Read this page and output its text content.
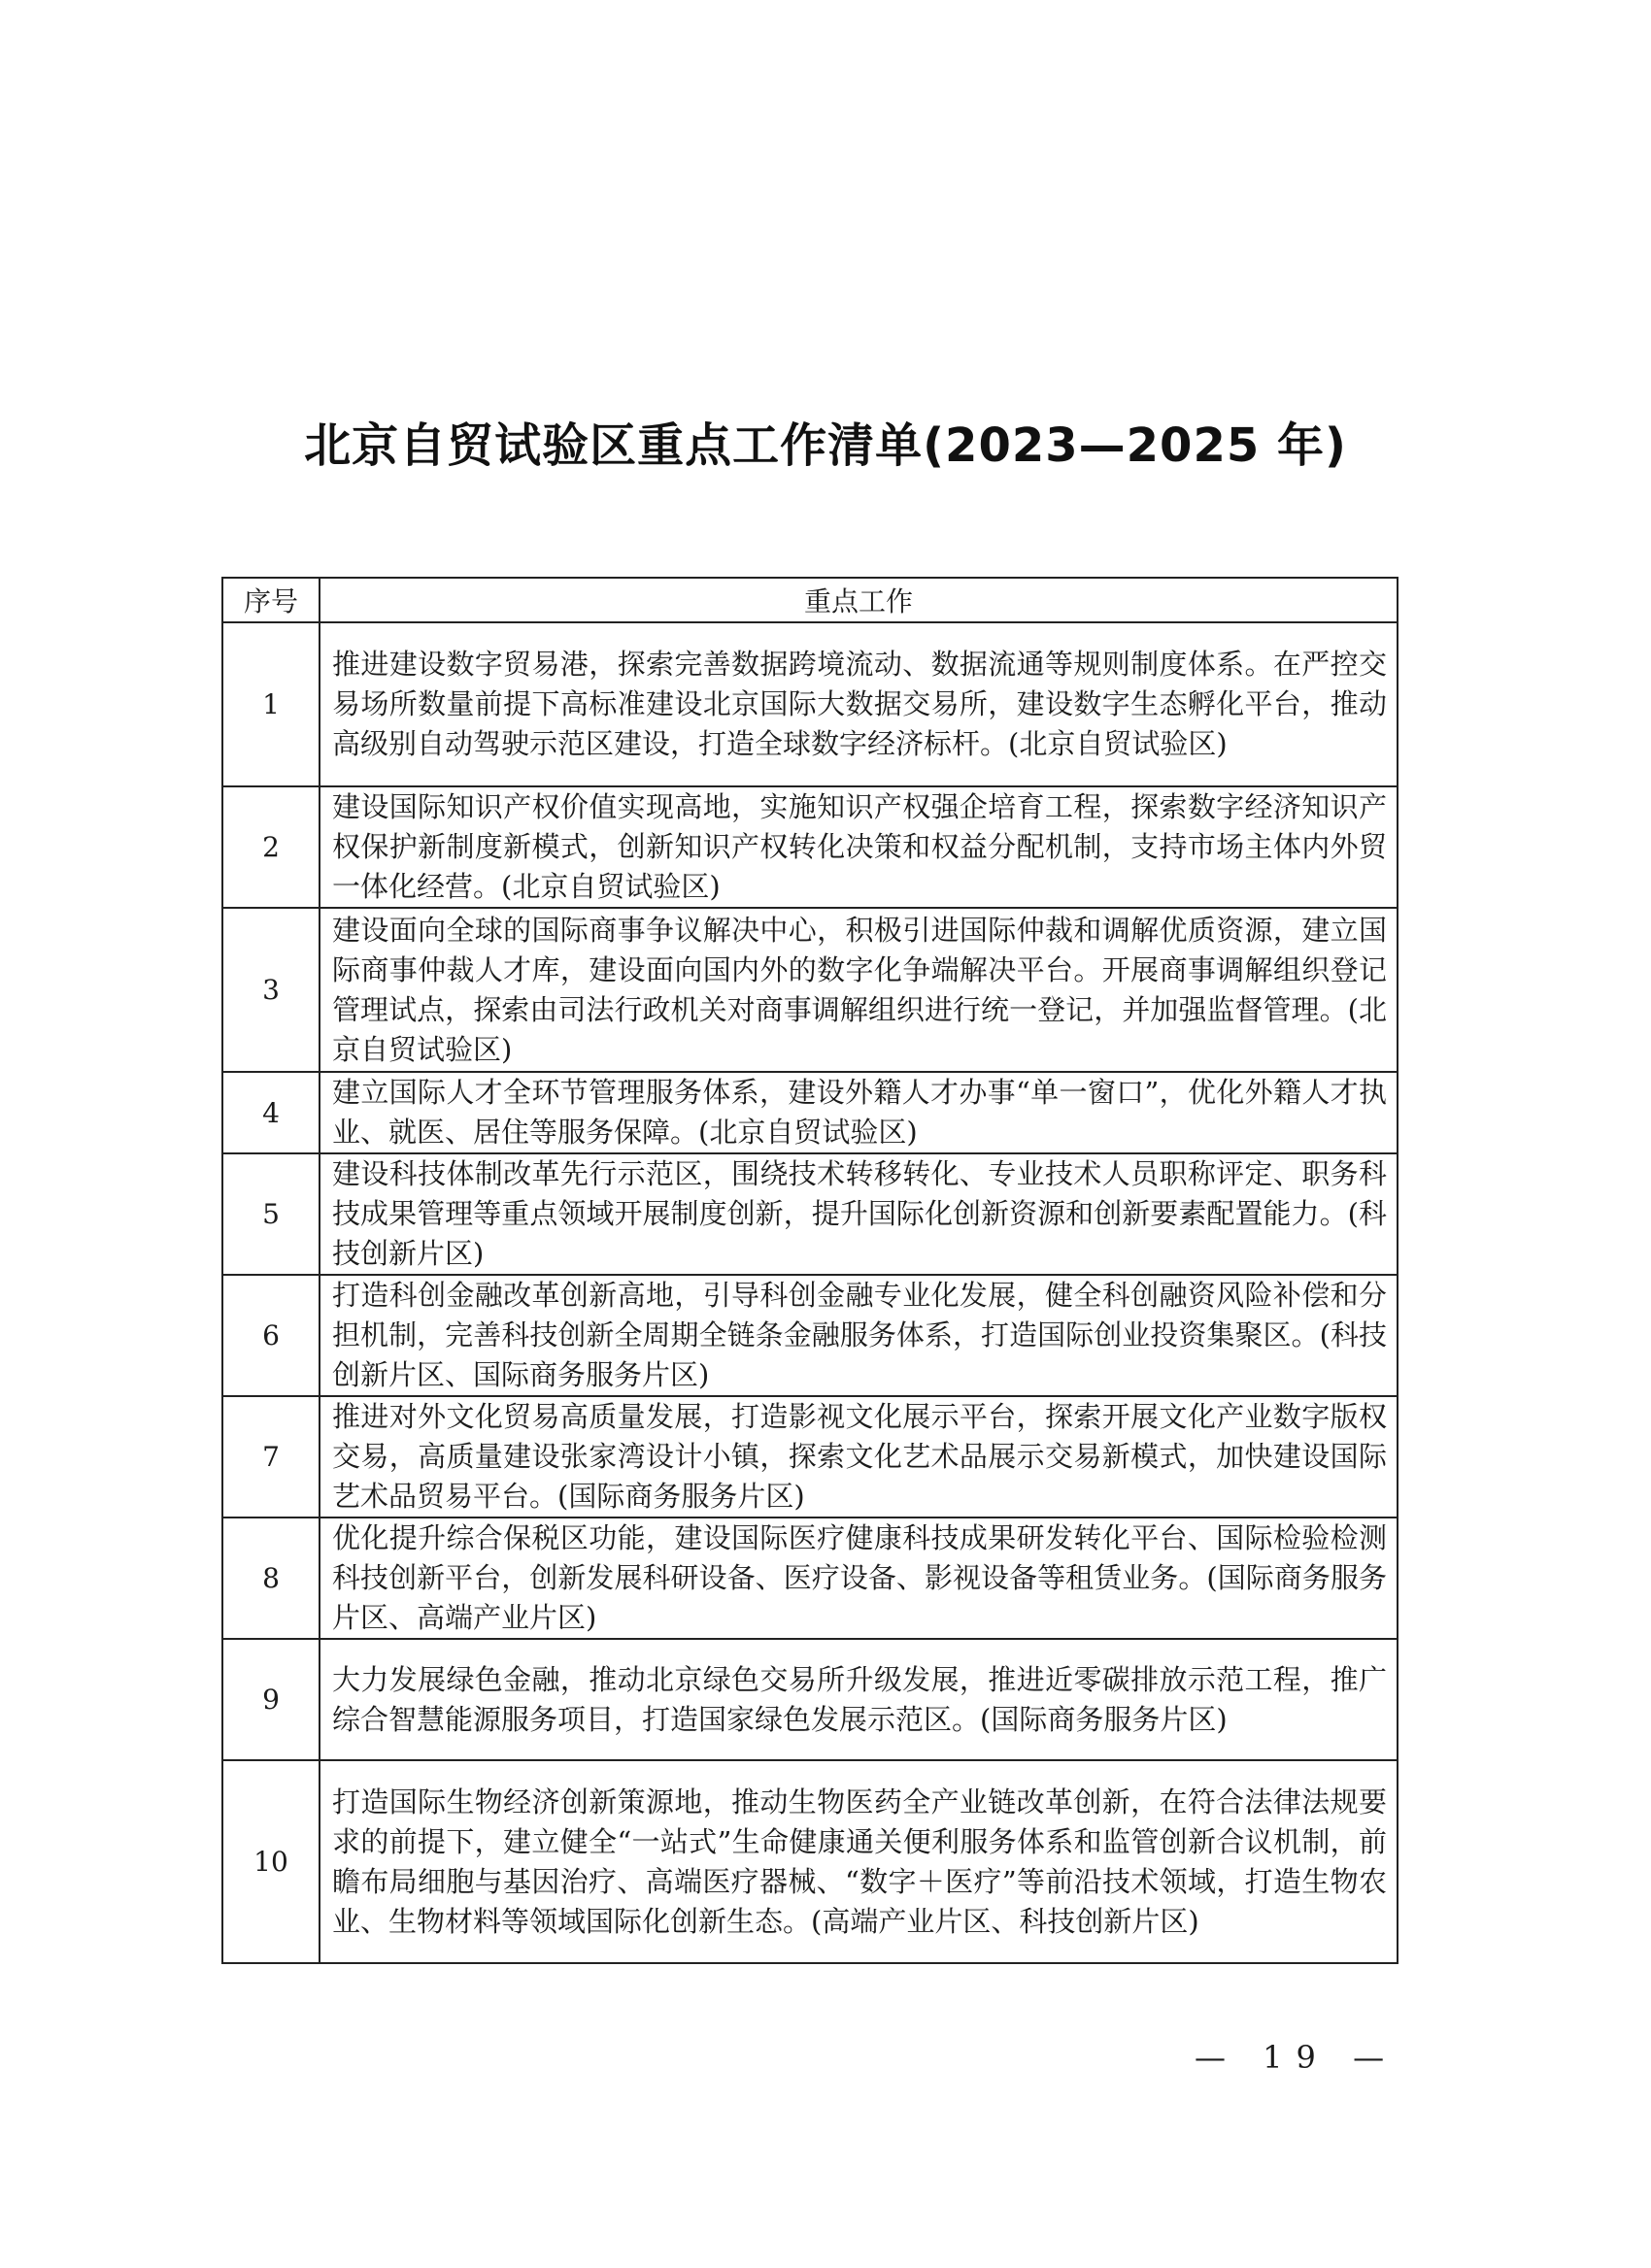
北京自贸试验区重点工作清单(2023—2025 年)
序号	重点工作
1	推进建设数字贸易港，探索完善数据跨境流动、数据流通等规则制度体系。在严控交易场所数量前提下高标准建设北京国际大数据交易所，建设数字生态孵化平台，推动高级别自动驾驶示范区建设，打造全球数字经济标杆。(北京自贸试验区)
2	建设国际知识产权价值实现高地，实施知识产权强企培育工程，探索数字经济知识产权保护新制度新模式，创新知识产权转化决策和权益分配机制，支持市场主体内外贸一体化经营。(北京自贸试验区)
3	建设面向全球的国际商事争议解决中心，积极引进国际仲裁和调解优质资源，建立国际商事仲裁人才库，建设面向国内外的数字化争端解决平台。开展商事调解组织登记管理试点，探索由司法行政机关对商事调解组织进行统一登记，并加强监督管理。(北京自贸试验区)
4	建立国际人才全环节管理服务体系，建设外籍人才办事“单一窗口”，优化外籍人才执业、就医、居住等服务保障。(北京自贸试验区)
5	建设科技体制改革先行示范区，围绕技术转移转化、专业技术人员职称评定、职务科技成果管理等重点领域开展制度创新，提升国际化创新资源和创新要素配置能力。(科技创新片区)
6	打造科创金融改革创新高地，引导科创金融专业化发展，健全科创融资风险补偿和分担机制，完善科技创新全周期全链条金融服务体系，打造国际创业投资集聚区。(科技创新片区、国际商务服务片区)
7	推进对外文化贸易高质量发展，打造影视文化展示平台，探索开展文化产业数字版权交易，高质量建设张家湾设计小镇，探索文化艺术品展示交易新模式，加快建设国际艺术品贸易平台。(国际商务服务片区)
8	优化提升综合保税区功能，建设国际医疗健康科技成果研发转化平台、国际检验检测科技创新平台，创新发展科研设备、医疗设备、影视设备等租赁业务。(国际商务服务片区、高端产业片区)
9	大力发展绿色金融，推动北京绿色交易所升级发展，推进近零碳排放示范工程，推广综合智慧能源服务项目，打造国家绿色发展示范区。(国际商务服务片区)
10	打造国际生物经济创新策源地，推动生物医药全产业链改革创新，在符合法律法规要求的前提下，建立健全“一站式”生命健康通关便利服务体系和监管创新合议机制，前瞻布局细胞与基因治疗、高端医疗器械、“数字＋医疗”等前沿技术领域，打造生物农业、生物材料等领域国际化创新生态。(高端产业片区、科技创新片区)
— 19 —
